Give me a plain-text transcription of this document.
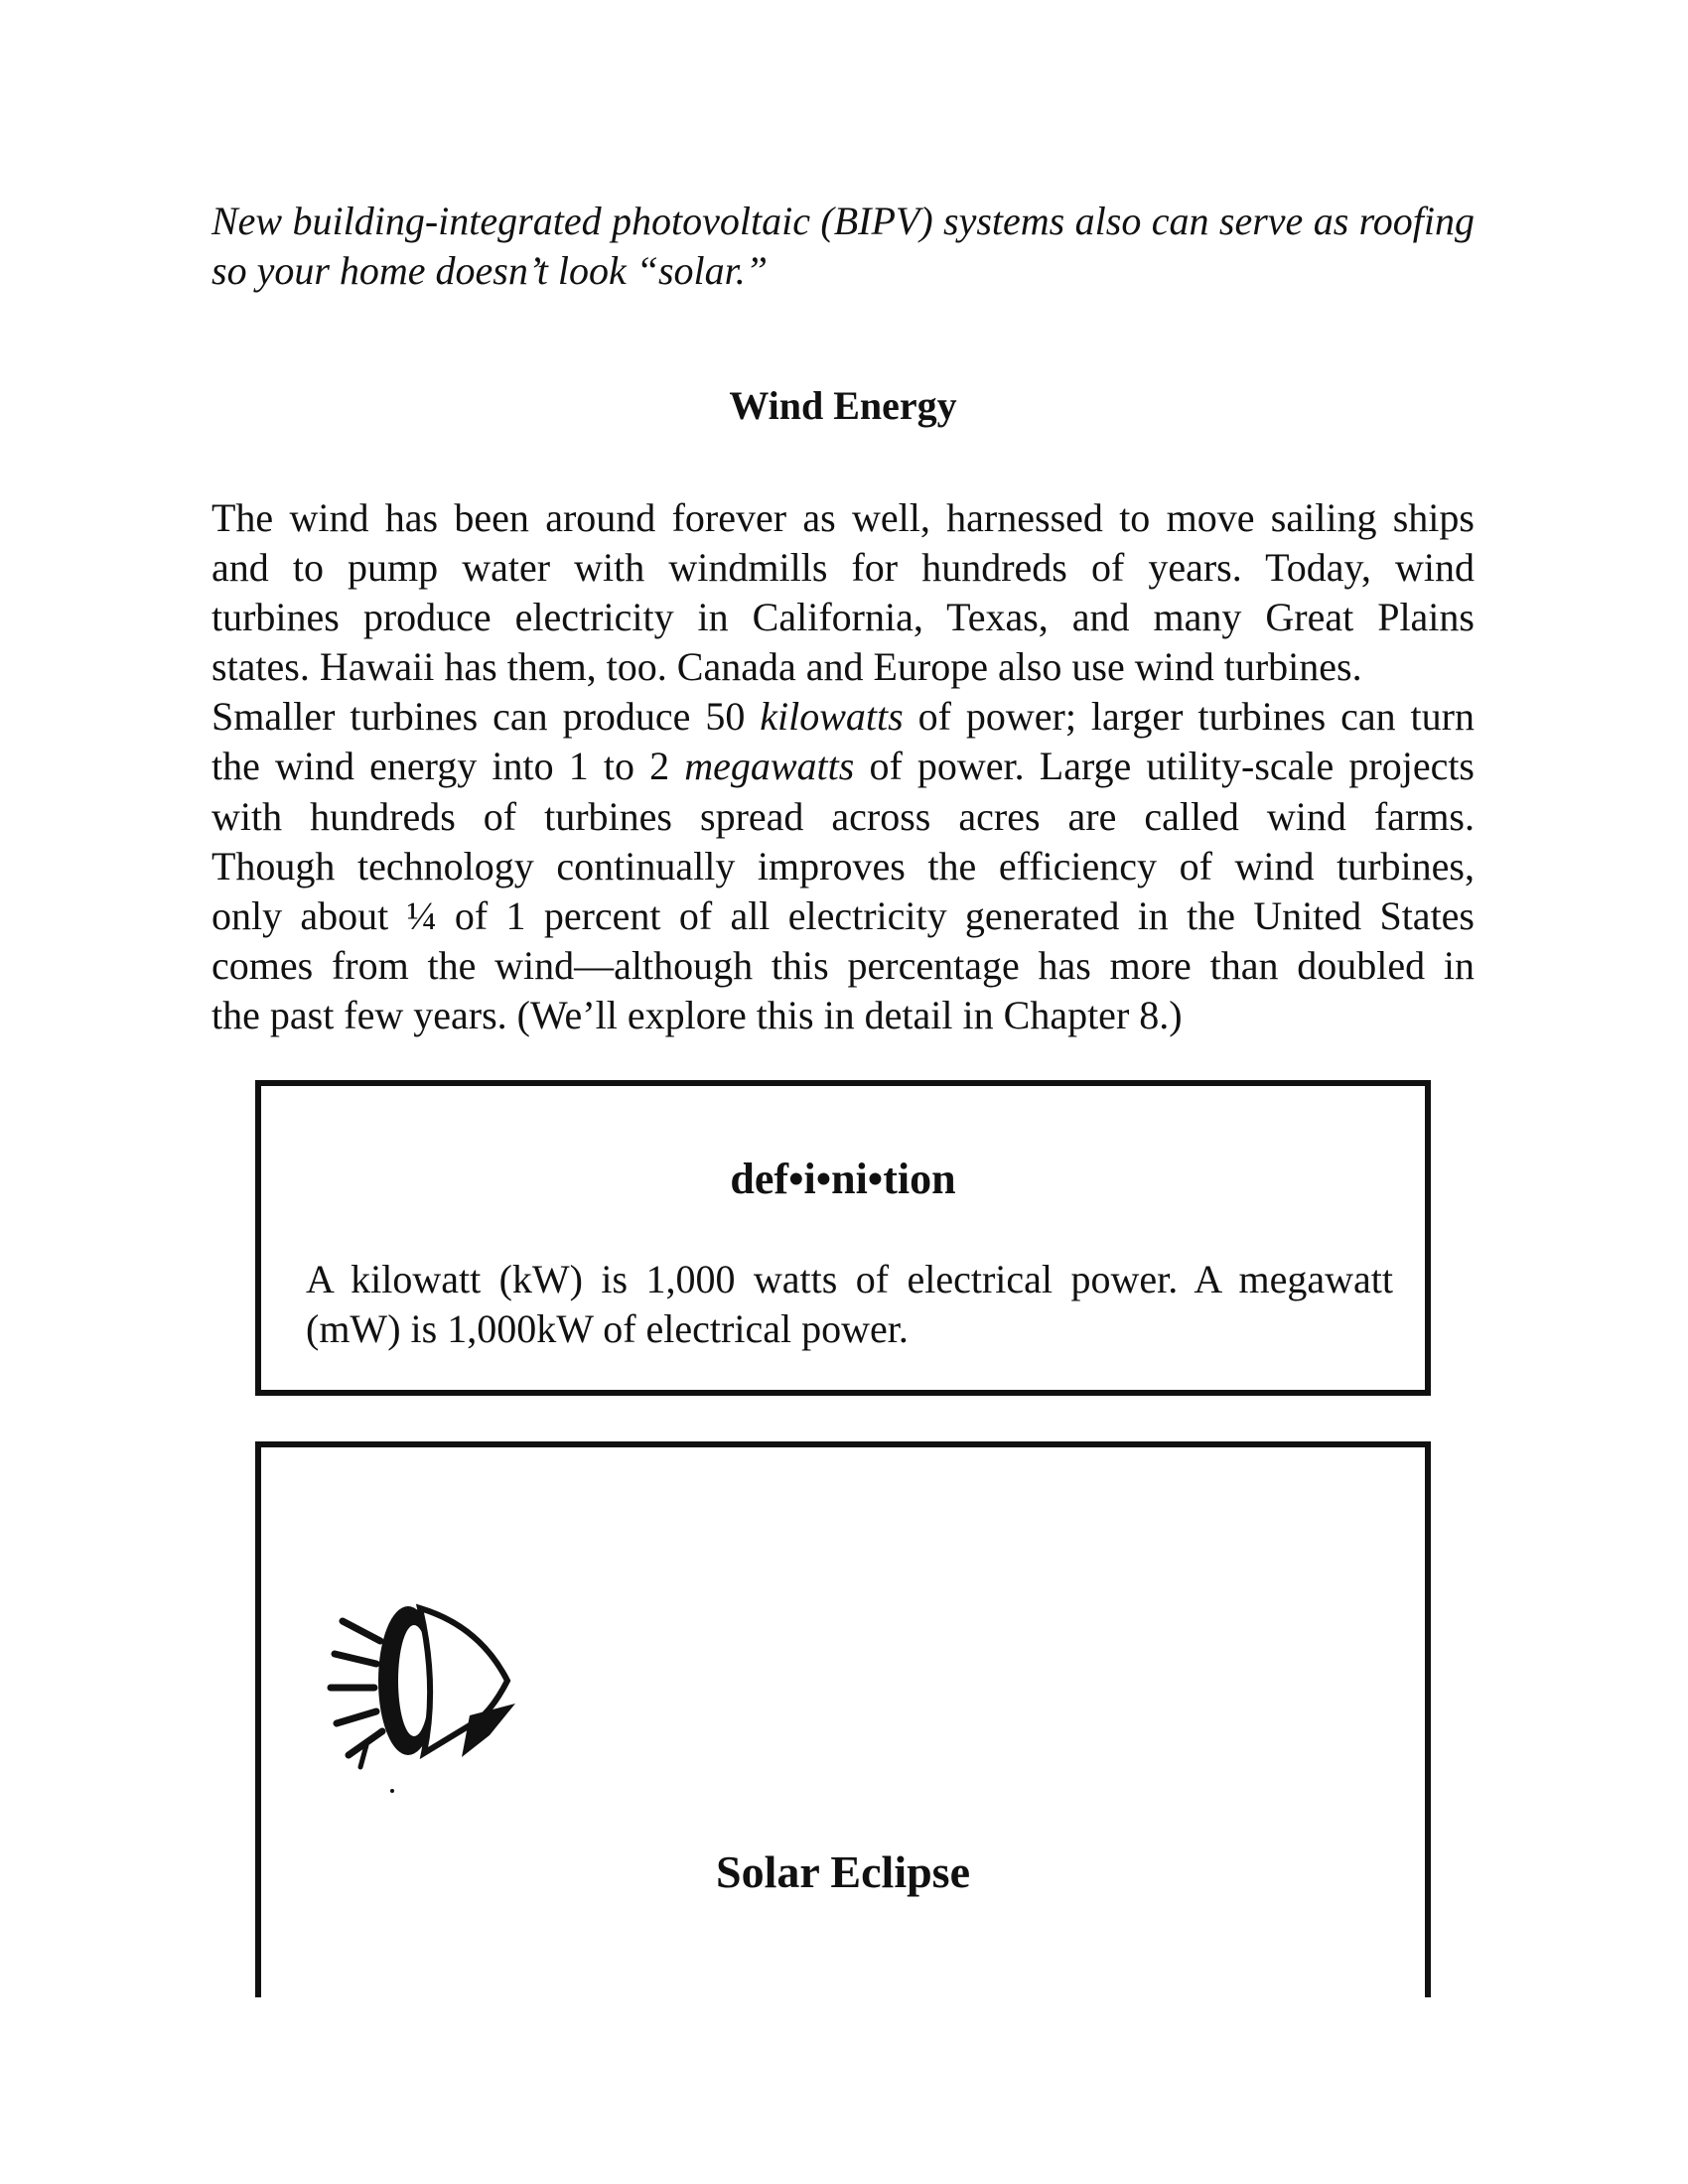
New building-integrated photovoltaic (BIPV) systems also can serve as roofing so your home doesn’t look “solar.”

Wind Energy
The wind has been around forever as well, harnessed to move sailing ships
and to pump water with windmills for hundreds of years. Today, wind
turbines produce electricity in California, Texas, and many Great Plains
states. Hawaii has them, too. Canada and Europe also use wind turbines.
Smaller turbines can produce 50 kilowatts of power; larger turbines can turn
the wind energy into 1 to 2 megawatts of power. Large utility-scale projects
with hundreds of turbines spread across acres are called wind farms.
Though technology continually improves the efficiency of wind turbines,
only about ¼ of 1 percent of all electricity generated in the United States
comes from the wind—although this percentage has more than doubled in
the past few years. (We’ll explore this in detail in Chapter 8.)
def•i•ni•tion

A kilowatt (kW) is 1,000 watts of electrical power. A megawatt (mW) is 1,000kW of electrical power.

Solar Eclipse
